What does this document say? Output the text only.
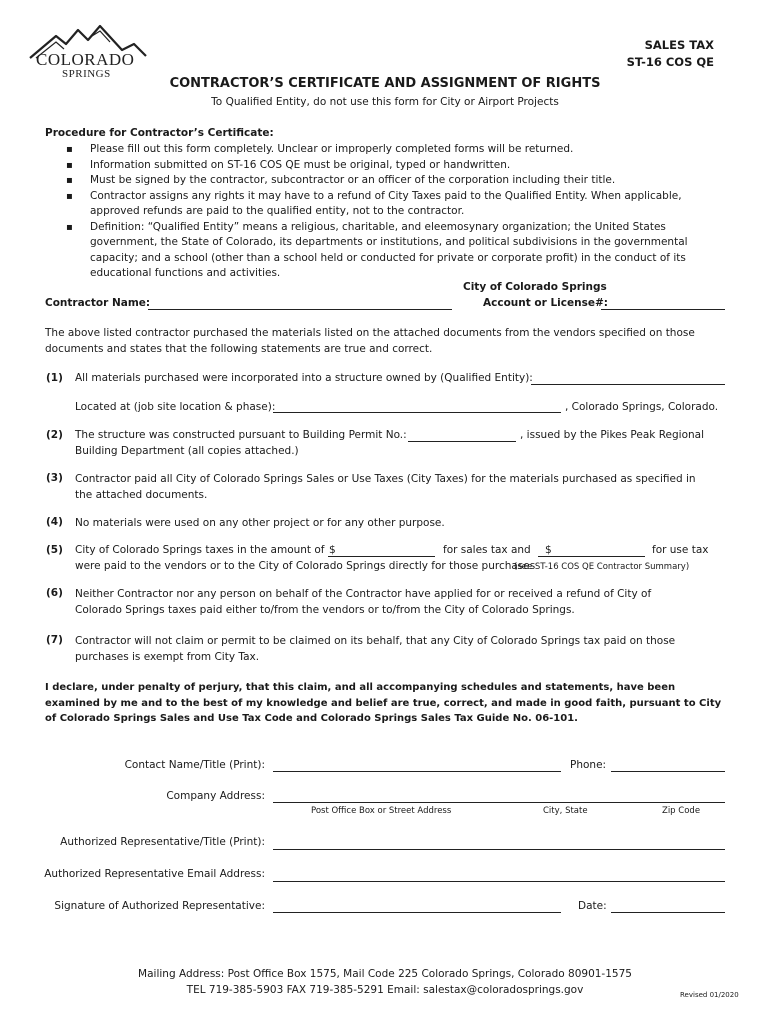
COLORADO
SPRINGS
SALES TAX
ST-16 COS QE
CONTRACTOR’S CERTIFICATE AND ASSIGNMENT OF RIGHTS
To Qualified Entity, do not use this form for City or Airport Projects
Procedure for Contractor’s Certificate:
▪ Please fill out this form completely. Unclear or improperly completed forms will be returned.
▪ Information submitted on ST-16 COS QE must be original, typed or handwritten.
▪ Must be signed by the contractor, subcontractor or an officer of the corporation including their title.
▪ Contractor assigns any rights it may have to a refund of City Taxes paid to the Qualified Entity. When applicable, approved refunds are paid to the qualified entity, not to the contractor.
▪ Definition: “Qualified Entity” means a religious, charitable, and eleemosynary organization; the United States government, the State of Colorado, its departments or institutions, and political subdivisions in the governmental capacity; and a school (other than a school held or conducted for private or corporate profit) in the conduct of its educational functions and activities.
Contractor Name:
City of Colorado Springs
Account or License#:
The above listed contractor purchased the materials listed on the attached documents from the vendors specified on those documents and states that the following statements are true and correct.
(1) All materials purchased were incorporated into a structure owned by (Qualified Entity):
Located at (job site location & phase):	, Colorado Springs, Colorado.
(2) The structure was constructed pursuant to Building Permit No.:	, issued by the Pikes Peak Regional
Building Department (all copies attached.)
(3) Contractor paid all City of Colorado Springs Sales or Use Taxes (City Taxes) for the materials purchased as specified in the attached documents.
(4) No materials were used on any other project or for any other purpose.
(5) City of Colorado Springs taxes in the amount of $	for sales tax and $	for use tax
were paid to the vendors or to the City of Colorado Springs directly for those purchases
(see ST-16 COS QE Contractor Summary)
(6) Neither Contractor nor any person on behalf of the Contractor have applied for or received a refund of City of Colorado Springs taxes paid either to/from the vendors or to/from the City of Colorado Springs.
(7) Contractor will not claim or permit to be claimed on its behalf, that any City of Colorado Springs tax paid on those purchases is exempt from City Tax.
I declare, under penalty of perjury, that this claim, and all accompanying schedules and statements, have been examined by me and to the best of my knowledge and belief are true, correct, and made in good faith, pursuant to City of Colorado Springs Sales and Use Tax Code and Colorado Springs Sales Tax Guide No. 06-101.
Contact Name/Title (Print):	Phone:
Company Address:
Post Office Box or Street Address	City, State	Zip Code
Authorized Representative/Title (Print):
Authorized Representative Email Address:
Signature of Authorized Representative:	Date:
Mailing Address: Post Office Box 1575, Mail Code 225 Colorado Springs, Colorado 80901-1575
TEL 719-385-5903 FAX 719-385-5291 Email: salestax@coloradosprings.gov	Revised 01/2020
